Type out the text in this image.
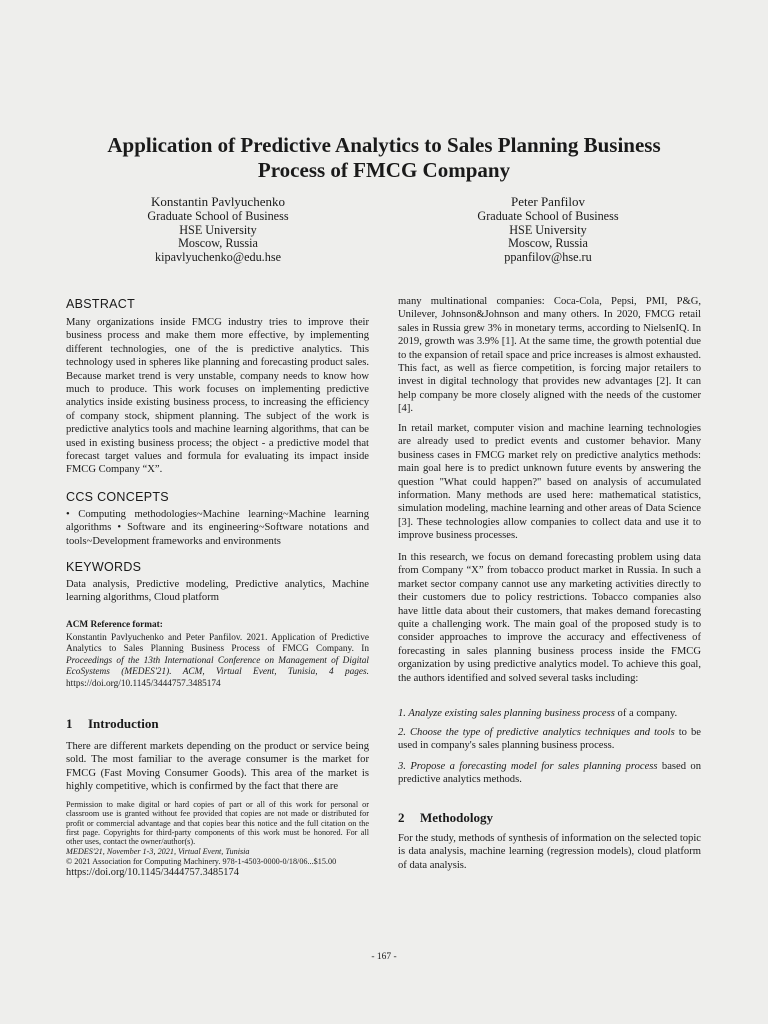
Application of Predictive Analytics to Sales Planning Business
Process of FMCG Company
Konstantin Pavlyuchenko
Graduate School of Business
HSE University
Moscow, Russia
kipavlyuchenko@edu.hse
Peter Panfilov
Graduate School of Business
HSE University
Moscow, Russia
ppanfilov@hse.ru
ABSTRACT
Many organizations inside FMCG industry tries to improve their business process and make them more effective, by implementing different technologies, one of the is predictive analytics. This technology used in spheres like planning and forecasting product sales. Because market trend is very unstable, company needs to know how much to produce. This work focuses on implementing predictive analytics inside existing business process, to increasing the efficiency of company stock, shipment planning. The subject of the work is predictive analytics tools and machine learning algorithms, that can be used in existing business process; the object - a predictive model that forecast target values and formula for evaluating its impact inside FMCG Company “X”.
CCS CONCEPTS
• Computing methodologies~Machine learning~Machine learning algorithms • Software and its engineering~Software notations and tools~Development frameworks and environments
KEYWORDS
Data analysis, Predictive modeling, Predictive analytics, Machine learning algorithms, Cloud platform
ACM Reference format:
Konstantin Pavlyuchenko and Peter Panfilov. 2021. Application of Predictive Analytics to Sales Planning Business Process of FMCG Company. In Proceedings of the 13th International Conference on Management of Digital EcoSystems (MEDES'21). ACM, Virtual Event, Tunisia, 4 pages. https://doi.org/10.1145/3444757.3485174
1 Introduction
There are different markets depending on the product or service being sold. The most familiar to the average consumer is the market for FMCG (Fast Moving Consumer Goods). This area of the market is highly competitive, which is confirmed by the fact that there are
Permission to make digital or hard copies of part or all of this work for personal or classroom use is granted without fee provided that copies are not made or distributed for profit or commercial advantage and that copies bear this notice and the full citation on the first page. Copyrights for third-party components of this work must be honored. For all other uses, contact the owner/author(s).
MEDES'21, November 1-3, 2021, Virtual Event, Tunisia
© 2021 Association for Computing Machinery. 978-1-4503-0000-0/18/06...$15.00
https://doi.org/10.1145/3444757.3485174
many multinational companies: Coca-Cola, Pepsi, PMI, P&G, Unilever, Johnson&Johnson and many others. In 2020, FMCG retail sales in Russia grew 3% in monetary terms, according to NielsenIQ. In 2019, growth was 3.9% [1]. At the same time, the growth potential due to the expansion of retail space and price increases is almost exhausted. This fact, as well as fierce competition, is forcing major retailers to invest in digital technology that provides new advantages [2]. It can help company be more closely aligned with the needs of the customer [4].
In retail market, computer vision and machine learning technologies are already used to predict events and customer behavior. Many business cases in FMCG market rely on predictive analytics methods: main goal here is to predict unknown future events by answering the question "What could happen?" based on analysis of accumulated information. Many methods are used here: mathematical statistics, simulation modeling, machine learning and other areas of Data Science [3]. These technologies allow companies to collect data and use it to improve business processes.
In this research, we focus on demand forecasting problem using data from Company “X” from tobacco product market in Russia. In such a market sector company cannot use any marketing activities directly to their customers due to policy restrictions. Tobacco companies also have little data about their customers, that makes demand forecasting quite a challenging work. The main goal of the proposed study is to consider approaches to improve the accuracy and effectiveness of forecasting in sales planning business process inside the FMCG organization by using predictive analytics model. To achieve this goal, the authors identified and solved several tasks including:
1. Analyze existing sales planning business process of a company.
2. Choose the type of predictive analytics techniques and tools to be used in company's sales planning business process.
3. Propose a forecasting model for sales planning process based on predictive analytics methods.
2 Methodology
For the study, methods of synthesis of information on the selected topic is data analysis, machine learning (regression models), cloud platform of data analysis.
- 167 -
